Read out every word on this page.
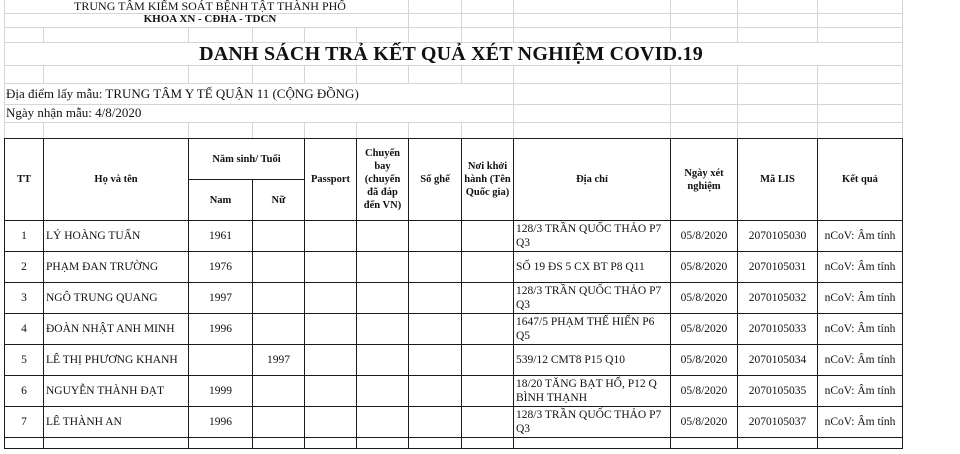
TRUNG TÂM KIỂM SOÁT BỆNH TẬT THÀNH PHỐ
KHOA XN - CĐHA - TDCN
DANH SÁCH TRẢ KẾT QUẢ XÉT NGHIỆM COVID.19
Địa điểm lấy mẫu: TRUNG TÂM Y TẾ QUẬN 11 (CỘNG ĐỒNG)
Ngày nhận mẫu: 4/8/2020
TT	Họ và tên	Năm sinh/ Tuổi		Passport	Chuyến bay (chuyến đã đáp đến VN)	Số ghế	Nơi khởi hành (Tên Quốc gia)	Địa chỉ	Ngày xét nghiệm	Mã LIS	Kết quả
		Nam	Nữ								
1	LÝ HOÀNG TUẤN	1961						128/3 TRẦN QUỐC THẢO P7 Q3	05/8/2020	2070105030	nCoV: Âm tính
2	PHẠM ĐAN TRƯỜNG	1976						SỐ 19 ĐS 5 CX BT P8 Q11	05/8/2020	2070105031	nCoV: Âm tính
3	NGÔ TRUNG QUANG	1997						128/3 TRẦN QUỐC THẢO P7 Q3	05/8/2020	2070105032	nCoV: Âm tính
4	ĐOÀN NHẬT ANH MINH	1996						1647/5 PHẠM THẾ HIỂN P6 Q5	05/8/2020	2070105033	nCoV: Âm tính
5	LÊ THỊ PHƯƠNG KHANH		1997					539/12 CMT8 P15 Q10	05/8/2020	2070105034	nCoV: Âm tính
6	NGUYỄN THÀNH ĐẠT	1999						18/20 TĂNG BẠT HỔ, P12 Q BÌNH THẠNH	05/8/2020	2070105035	nCoV: Âm tính
7	LÊ THÀNH AN	1996						128/3 TRẦN QUỐC THẢO P7 Q3	05/8/2020	2070105037	nCoV: Âm tính
